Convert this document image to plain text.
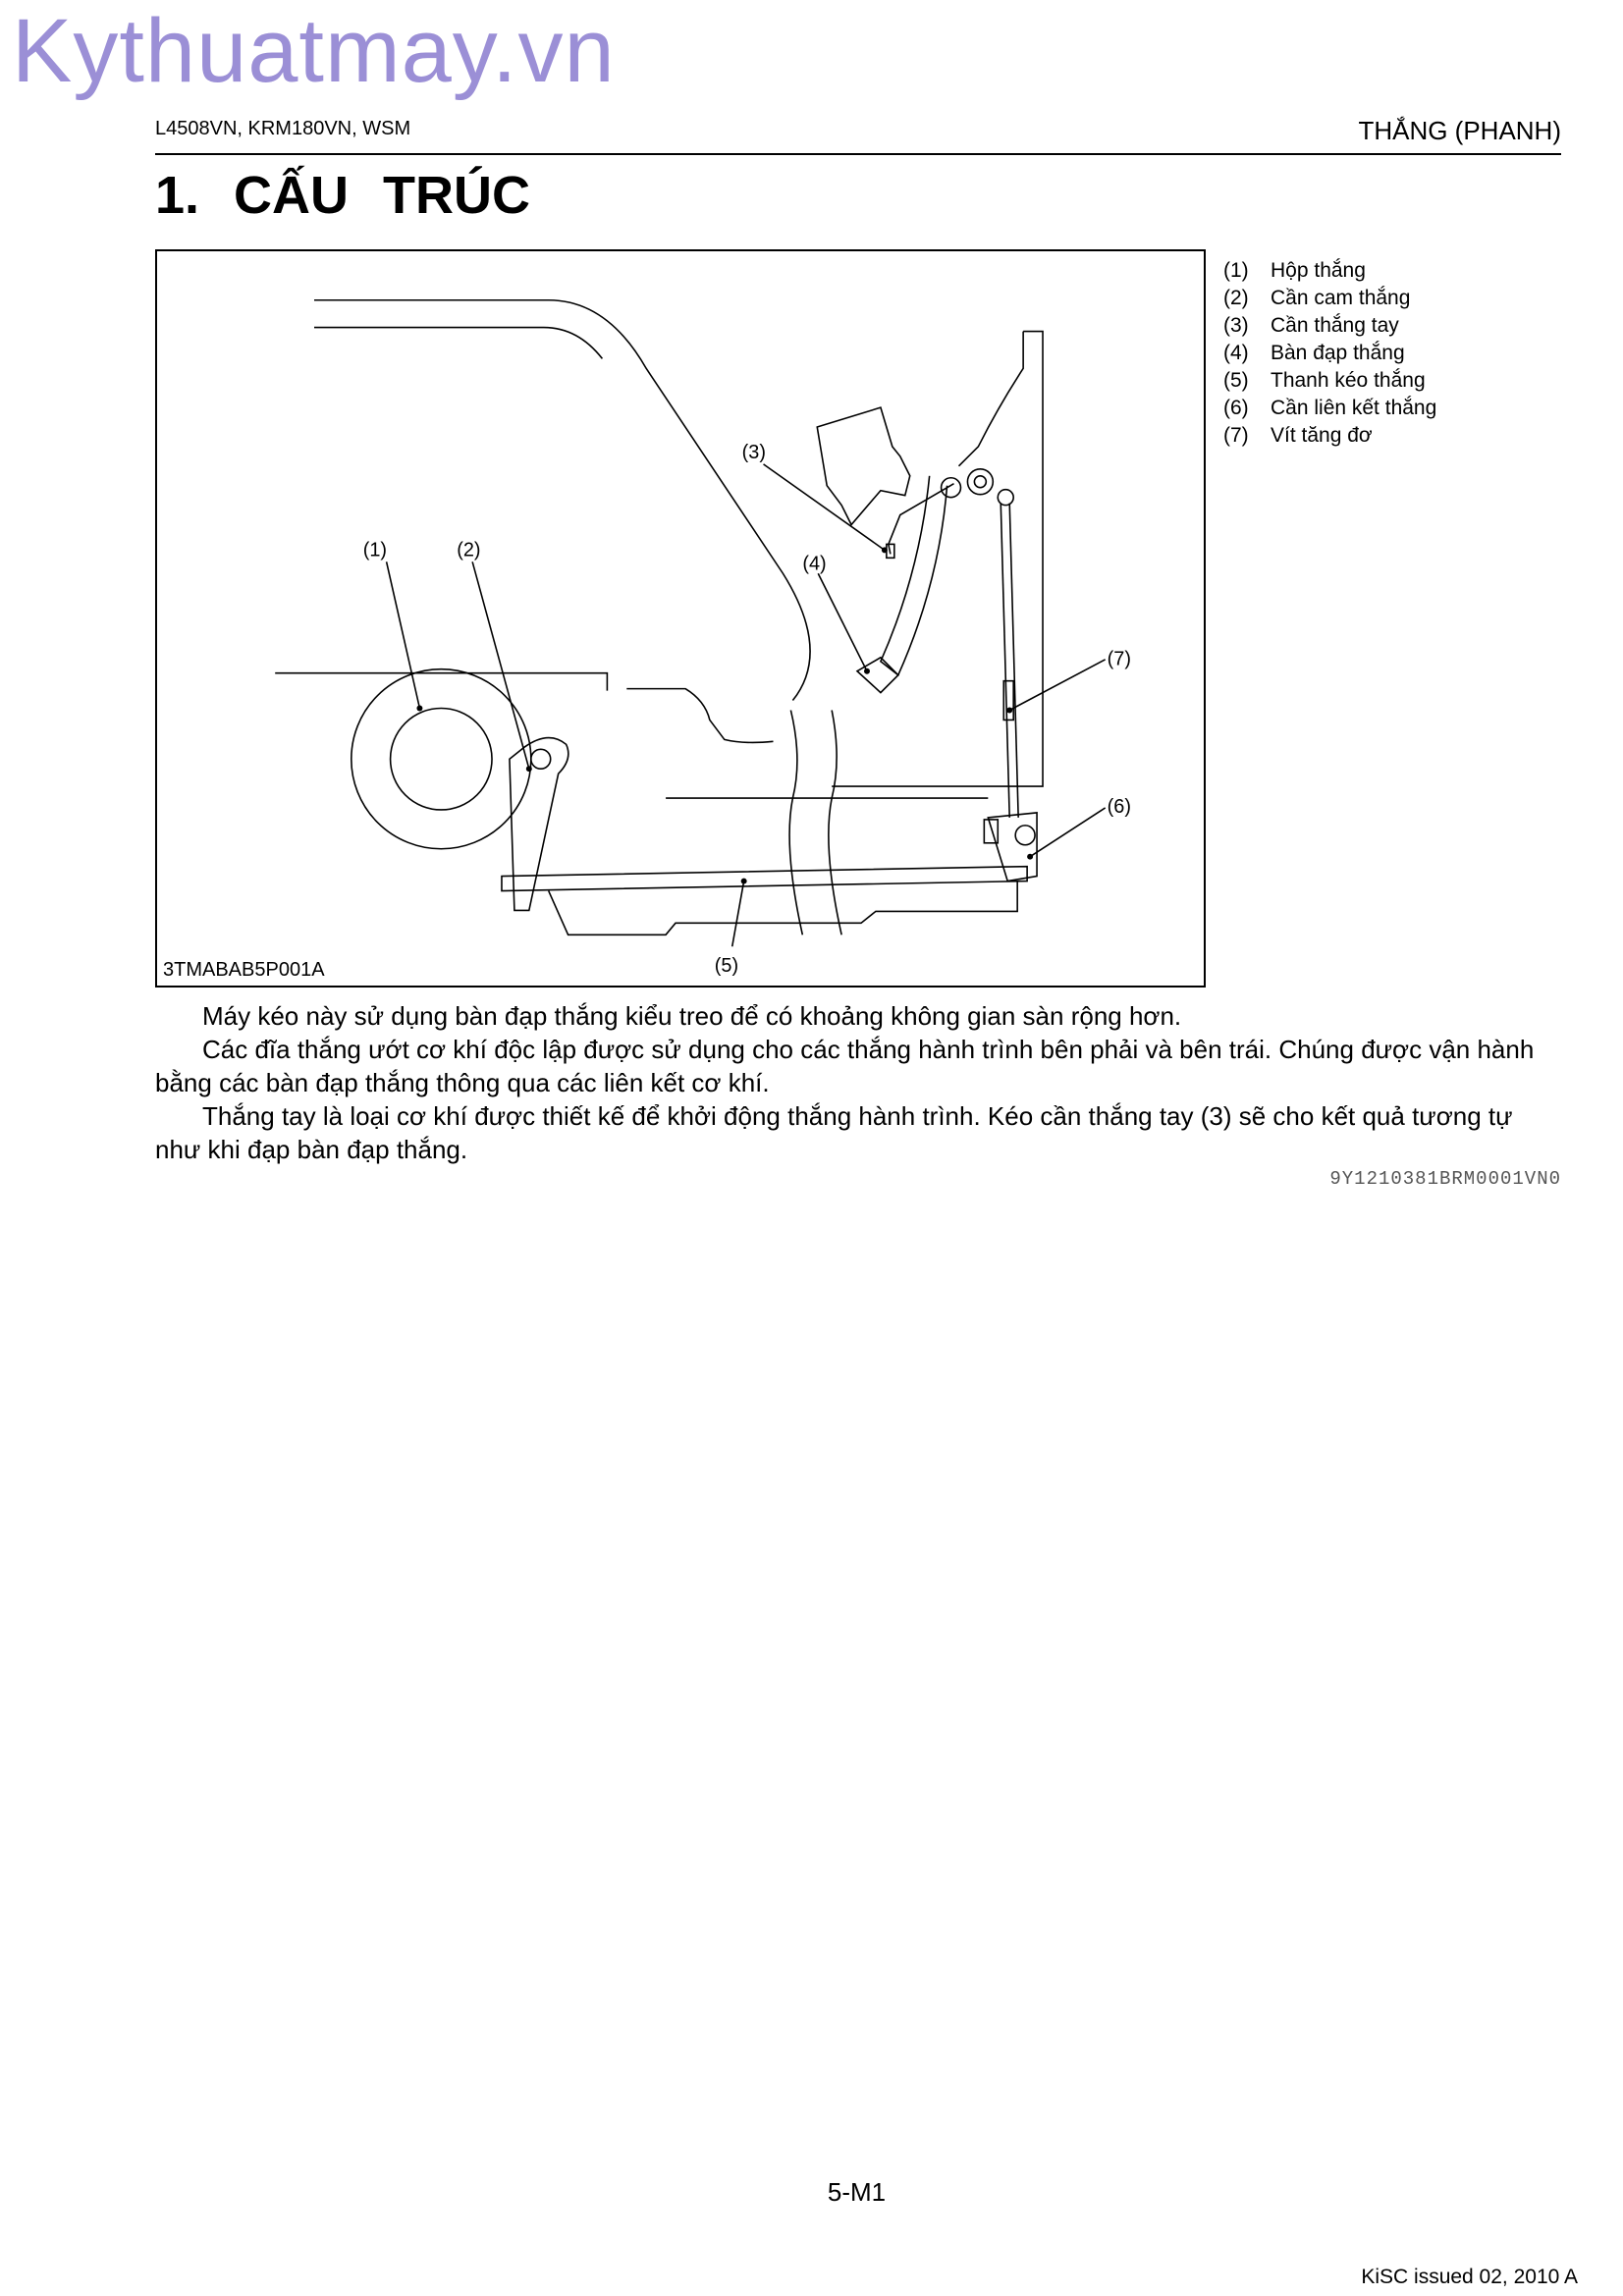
Kythuatmay.vn
L4508VN, KRM180VN, WSM	THẮNG (PHANH)
1. CẤU TRÚC
(1)	(2)
(3)
(4)
(5)
(6)
(7)
3TMABAB5P001A
(1)	Hộp thắng
(2)	Cần cam thắng
(3)	Cần thắng tay
(4)	Bàn đạp thắng
(5)	Thanh kéo thắng
(6)	Cần liên kết thắng
(7)	Vít tăng đơ

Máy kéo này sử dụng bàn đạp thắng kiểu treo để có khoảng không gian sàn rộng hơn.

Các đĩa thắng ướt cơ khí độc lập được sử dụng cho các thắng hành trình bên phải và bên trái. Chúng được vận hành bằng các bàn đạp thắng thông qua các liên kết cơ khí.

Thắng tay là loại cơ khí được thiết kế để khởi động thắng hành trình. Kéo cần thắng tay (3) sẽ cho kết quả tương tự như khi đạp bàn đạp thắng.

9Y1210381BRM0001VN0
5-M1
KiSC issued 02, 2010 A
